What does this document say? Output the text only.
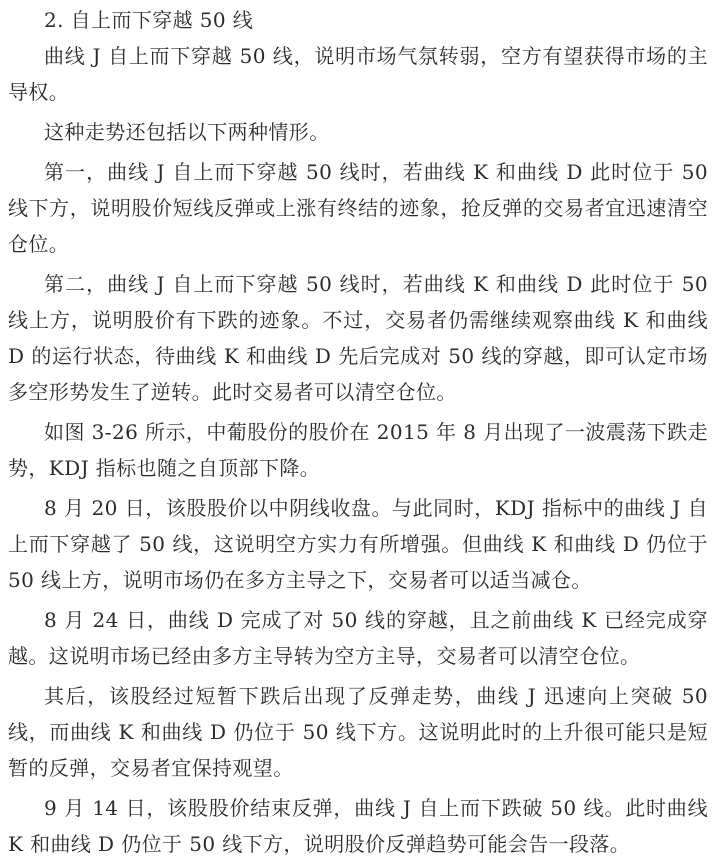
2. 自上而下穿越 50 线

曲线 J 自上而下穿越 50 线，说明市场气氛转弱，空方有望获得市场的主导权。

这种走势还包括以下两种情形。

第一，曲线 J 自上而下穿越 50 线时，若曲线 K 和曲线 D 此时位于 50 线下方，说明股价短线反弹或上涨有终结的迹象，抢反弹的交易者宜迅速清空仓位。

第二，曲线 J 自上而下穿越 50 线时，若曲线 K 和曲线 D 此时位于 50 线上方，说明股价有下跌的迹象。不过，交易者仍需继续观察曲线 K 和曲线 D 的运行状态，待曲线 K 和曲线 D 先后完成对 50 线的穿越，即可认定市场多空形势发生了逆转。此时交易者可以清空仓位。

如图 3-26 所示，中葡股份的股价在 2015 年 8 月出现了一波震荡下跌走势，KDJ 指标也随之自顶部下降。

8 月 20 日，该股股价以中阴线收盘。与此同时，KDJ 指标中的曲线 J 自上而下穿越了 50 线，这说明空方实力有所增强。但曲线 K 和曲线 D 仍位于 50 线上方，说明市场仍在多方主导之下，交易者可以适当减仓。

8 月 24 日，曲线 D 完成了对 50 线的穿越，且之前曲线 K 已经完成穿越。这说明市场已经由多方主导转为空方主导，交易者可以清空仓位。

其后，该股经过短暂下跌后出现了反弹走势，曲线 J 迅速向上突破 50 线，而曲线 K 和曲线 D 仍位于 50 线下方。这说明此时的上升很可能只是短暂的反弹，交易者宜保持观望。

9 月 14 日，该股股价结束反弹，曲线 J 自上而下跌破 50 线。此时曲线 K 和曲线 D 仍位于 50 线下方，说明股价反弹趋势可能会告一段落。
